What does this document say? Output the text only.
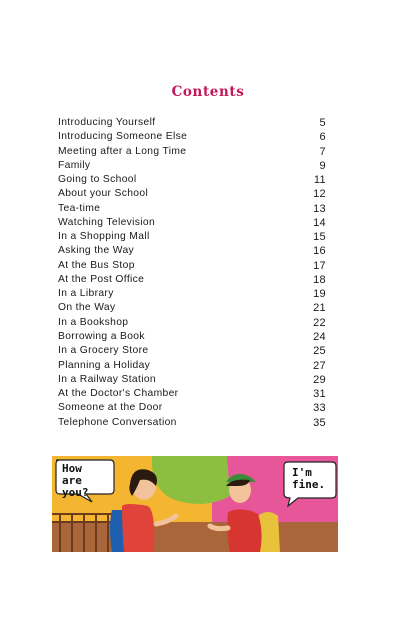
Contents
Introducing Yourself	5
Introducing Someone Else	6
Meeting after a Long Time	7
Family	9
Going to School	11
About your School	12
Tea-time	13
Watching Television	14
In a Shopping Mall	15
Asking the Way	16
At the Bus Stop	17
At the Post Office	18
In a Library	19
On the Way	21
In a Bookshop	22
Borrowing a Book	24
In a Grocery Store	25
Planning a Holiday	27
In a Railway Station	29
At the Doctor's Chamber	31
Someone at the Door	33
Telephone Conversation	35
How
are you?
I'm
fine.
